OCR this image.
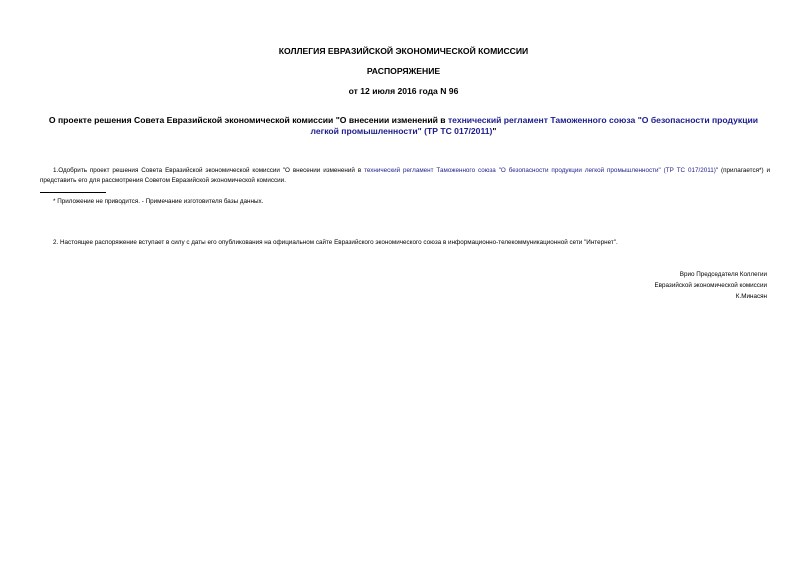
КОЛЛЕГИЯ ЕВРАЗИЙСКОЙ ЭКОНОМИЧЕСКОЙ КОМИССИИ
РАСПОРЯЖЕНИЕ
от 12 июля 2016 года N 96
О проекте решения Совета Евразийской экономической комиссии "О внесении изменений в технический регламент Таможенного союза "О безопасности продукции легкой промышленности" (ТР ТС 017/2011)"
1.Одобрить проект решения Совета Евразийской экономической комиссии "О внесении изменений в технический регламент Таможенного союза "О безопасности продукции легкой промышленности" (ТР ТС 017/2011)" (прилагается*) и представить его для рассмотрения Советом Евразийской экономической комиссии.
* Приложение не приводится. - Примечание изготовителя базы данных.
2. Настоящее распоряжение вступает в силу с даты его опубликования на официальном сайте Евразийского экономического союза в информационно-телекоммуникационной сети "Интернет".
Врио Председателя Коллегии
Евразийской экономической комиссии
К.Минасян
